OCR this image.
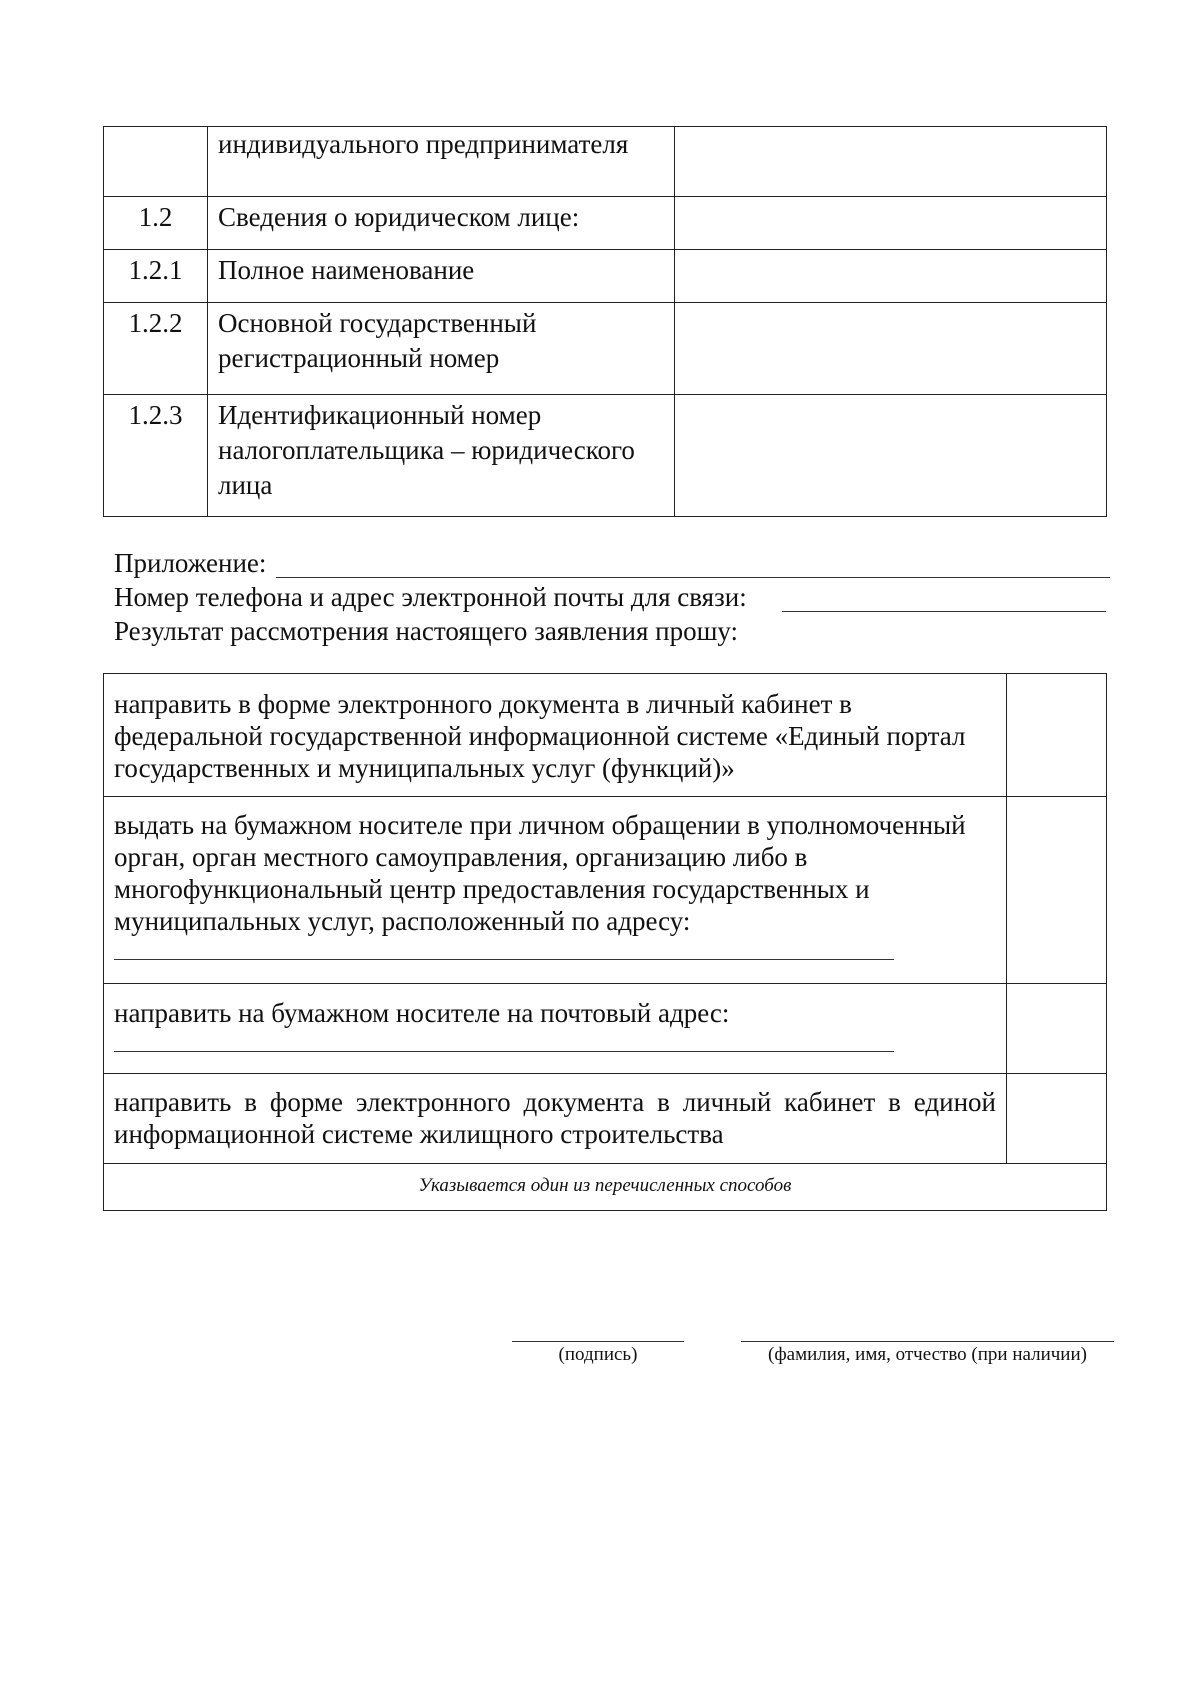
	индивидуального предпринимателя	
1.2	Сведения о юридическом лице:	
1.2.1	Полное наименование	
1.2.2	Основной государственный регистрационный номер	
1.2.3	Идентификационный номер налогоплательщика – юридического лица	
Приложение:
Номер телефона и адрес электронной почты для связи:
Результат рассмотрения настоящего заявления прошу:
направить в форме электронного документа в личный кабинет в федеральной государственной информационной системе «Единый портал государственных и муниципальных услуг (функций)»	
выдать на бумажном носителе при личном обращении в уполномоченный орган, орган местного самоуправления, организацию либо в многофункциональный центр предоставления государственных и муниципальных услуг, расположенный по адресу:

направить на бумажном носителе на почтовый адрес:

направить в форме электронного документа в личный кабинет в единой информационной системе жилищного строительства	
Указывается один из перечисленных способов	
(подпись)	(фамилия, имя, отчество (при наличии)
